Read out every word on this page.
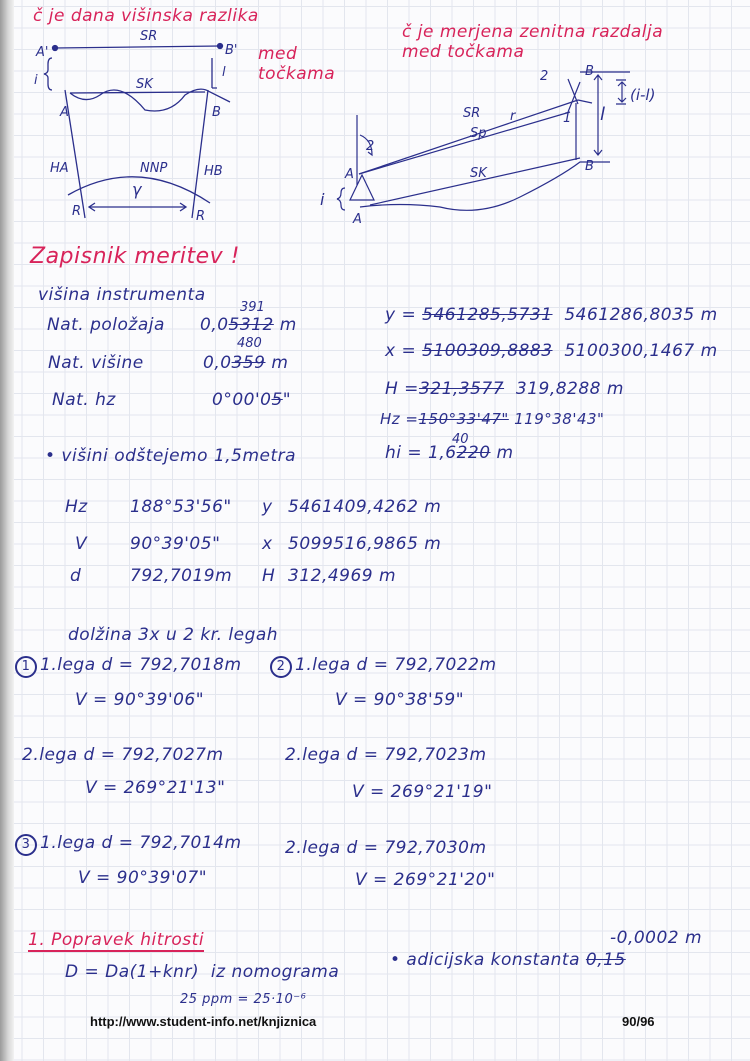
č je dana višinska razlika
med točkama
č je merjena zenitna razdalja
med točkama
A'	B'
SR
SK
i
l
A	B
HA	HB
NNP
γ
R	R
A
A
B
B
SR
Sp
SK
r	1
2
2
i
l
(i-l)
Zapisnik meritev !
višina instrumenta
Nat. položaja 0,05312 m
391
Nat. višine	0,0359 m
480
Nat. hz	0°00'05"
• višini odštejemo 1,5metra
y = 5461285,5731 5461286,8035 m
x = 5100309,8883 5100300,1467 m
H =321,3577 319,8288 m
Hz =150°33'47" 119°38'43"
hi = 1,6220 m
40
Hz 188°53'56" y 5461409,4262 m
V	90°39'05" x 5099516,9865 m
d	792,7019m H 312,4969 m
dolžina 3x u 2 kr. legah
1 1.lega d = 792,7018m
V = 90°39'06"
2.lega d = 792,7027m
V = 269°21'13"
2 1.lega d = 792,7022m
V = 90°38'59"
2.lega d = 792,7023m
V = 269°21'19"
3 1.lega d = 792,7014m
V = 90°39'07"
2.lega d = 792,7030m
V = 269°21'20"
1. Popravek hitrosti
D = Da(1+knr) iz nomograma
25 ppm = 25·10⁻⁶
-0,0002 m
• adicijska konstanta 0,15
http://www.student-info.net/knjiznica	90/96
